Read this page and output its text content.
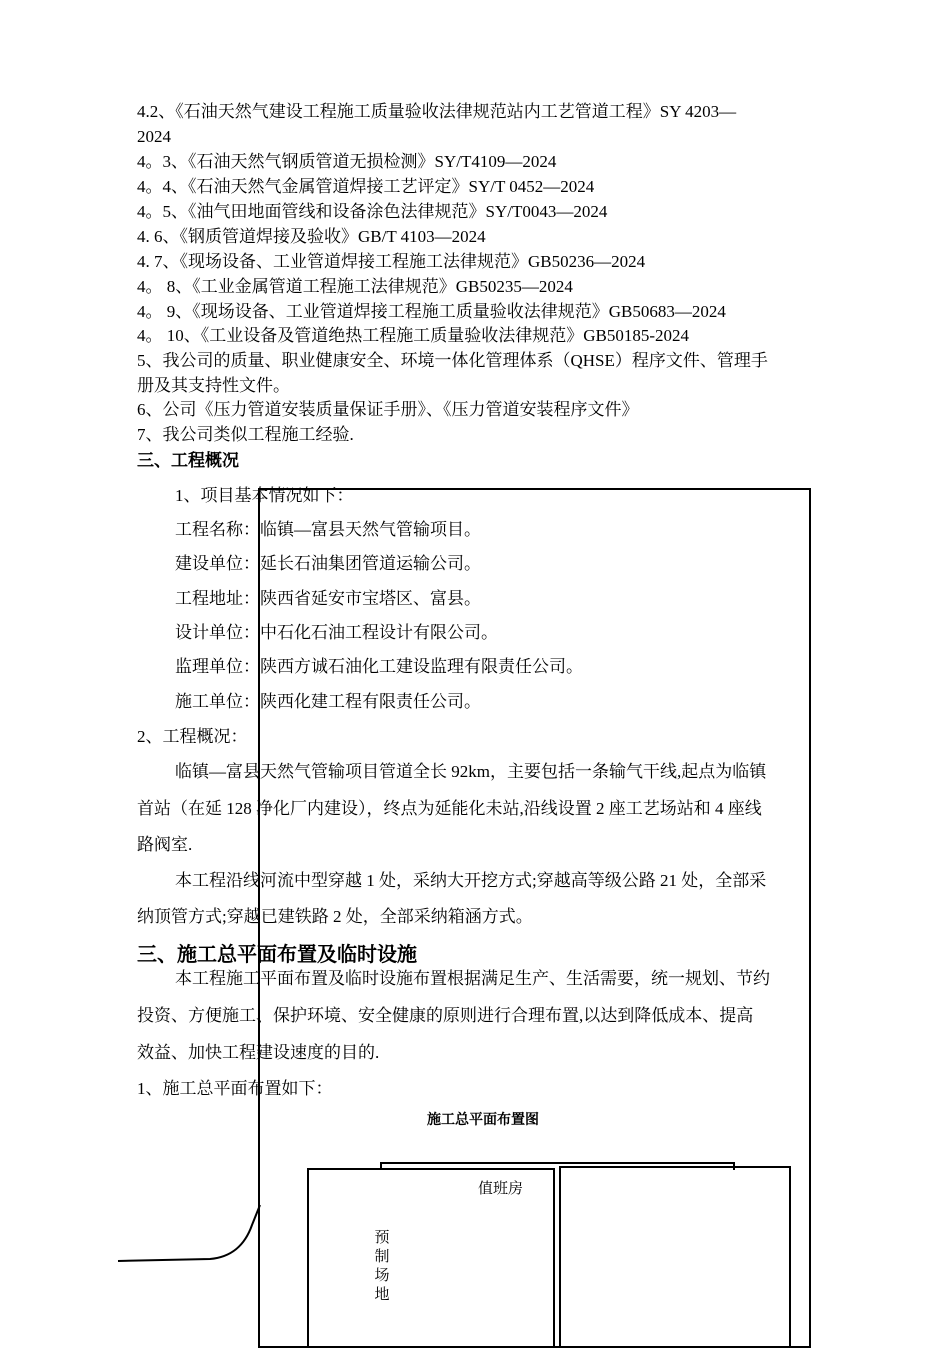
4.2、《石油天然气建设工程施工质量验收法律规范站内工艺管道工程》SY 4203—
2024
4。3、《石油天然气钢质管道无损检测》SY/T4109—2024
4。4、《石油天然气金属管道焊接工艺评定》SY/T 0452—2024
4。5、《油气田地面管线和设备涂色法律规范》SY/T0043—2024
4. 6、《钢质管道焊接及验收》GB/T 4103—2024
4. 7、《现场设备、工业管道焊接工程施工法律规范》GB50236—2024
4。 8、《工业金属管道工程施工法律规范》GB50235—2024
4。 9、《现场设备、工业管道焊接工程施工质量验收法律规范》GB50683—2024
4。 10、《工业设备及管道绝热工程施工质量验收法律规范》GB50185-2024
5、我公司的质量、职业健康安全、环境一体化管理体系（QHSE）程序文件、管理手
册及其支持性文件。
6、公司《压力管道安装质量保证手册》、《压力管道安装程序文件》
7、我公司类似工程施工经验.
三、工程概况
1、项目基本情况如下：
工程名称：临镇—富县天然气管输项目。
建设单位：延长石油集团管道运输公司。
工程地址：陕西省延安市宝塔区、富县。
设计单位：中石化石油工程设计有限公司。
监理单位：陕西方诚石油化工建设监理有限责任公司。
施工单位：陕西化建工程有限责任公司。
2、工程概况：
临镇—富县天然气管输项目管道全长 92km，主要包括一条输气干线,起点为临镇
首站（在延 128 净化厂内建设），终点为延能化未站,沿线设置 2 座工艺场站和 4 座线
路阀室.
本工程沿线河流中型穿越 1 处，采纳大开挖方式;穿越高等级公路 21 处，全部采
纳顶管方式;穿越已建铁路 2 处，全部采纳箱涵方式。
三、施工总平面布置及临时设施
本工程施工平面布置及临时设施布置根据满足生产、生活需要，统一规划、节约
投资、方便施工、保护环境、安全健康的原则进行合理布置,以达到降低成本、提高
效益、加快工程建设速度的目的.
1、施工总平面布置如下：
施工总平面布置图
值班房
预
制
场
地
